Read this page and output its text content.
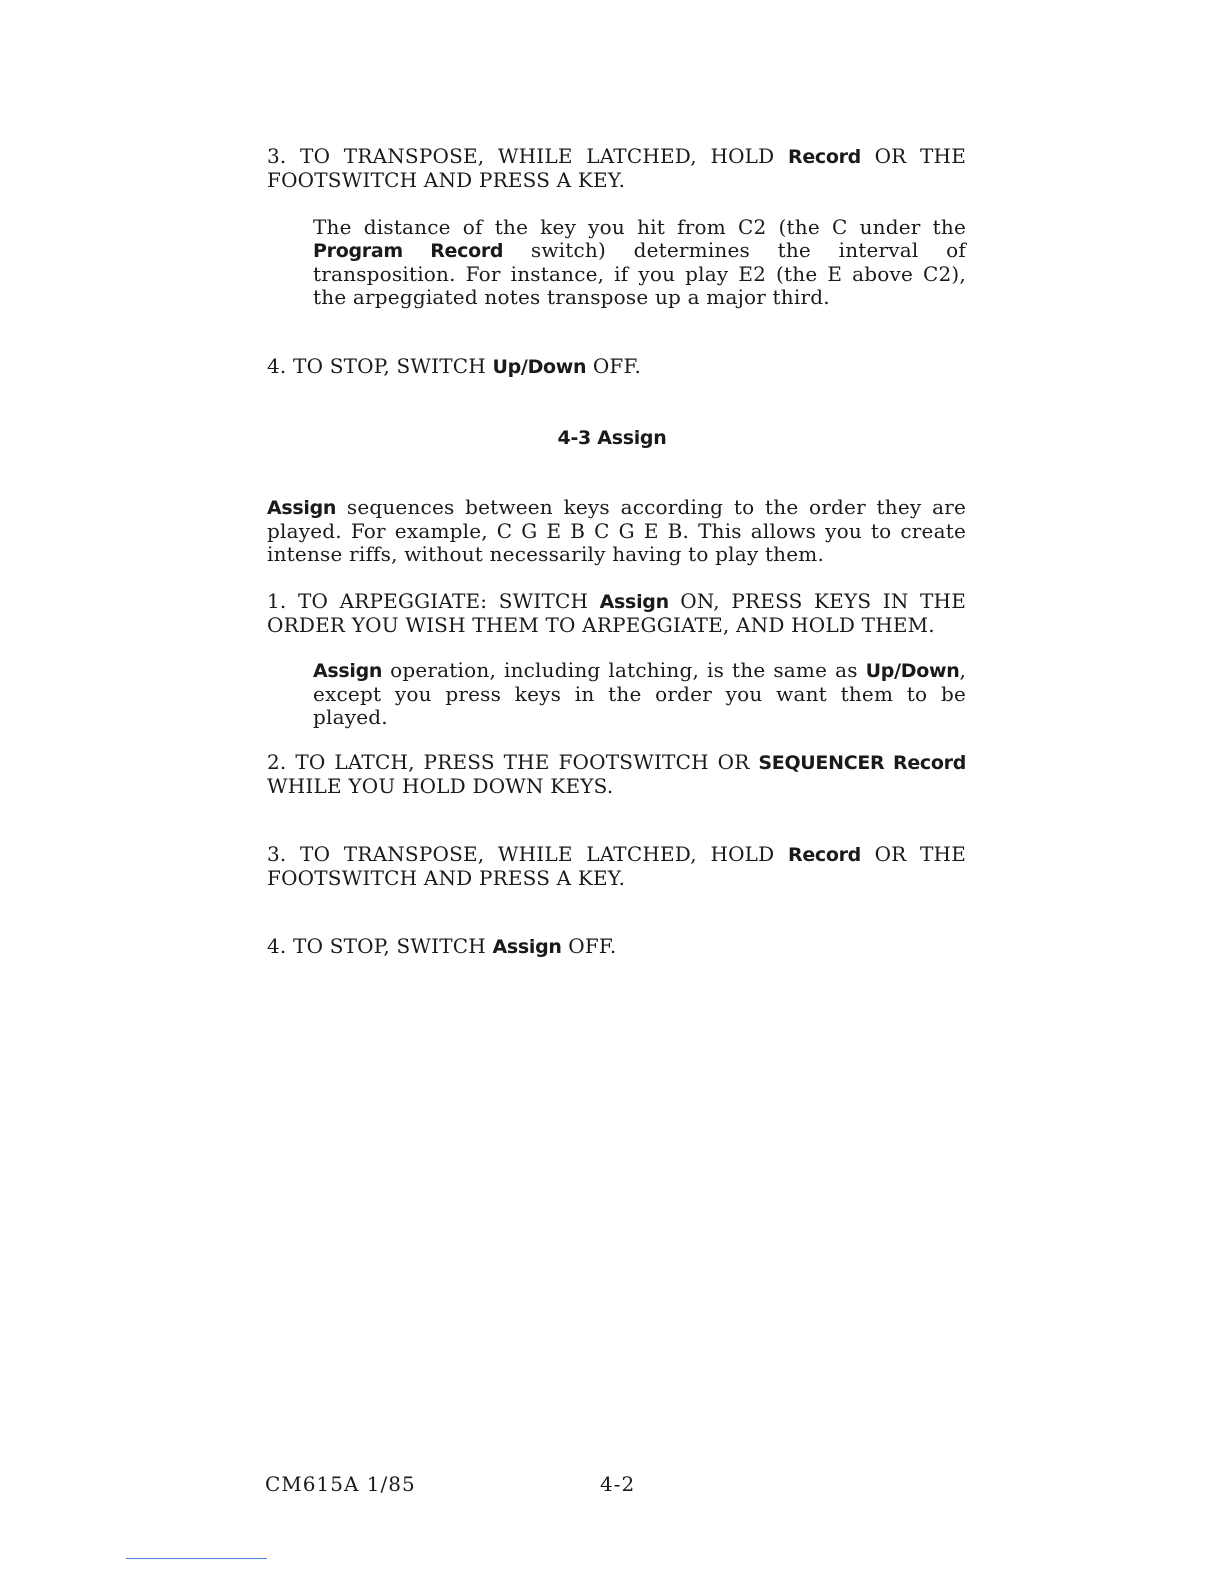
3. TO TRANSPOSE, WHILE LATCHED, HOLD Record OR THE FOOTSWITCH AND PRESS A KEY.

The distance of the key you hit from C2 (the C under the Program Record switch) determines the interval of transposition. For instance, if you play E2 (the E above C2), the arpeggiated notes transpose up a major third.

4. TO STOP, SWITCH Up/Down OFF.

4-3 Assign

Assign sequences between keys according to the order they are played. For example, C G E B C G E B. This allows you to create intense riffs, without necessarily having to play them.

1. TO ARPEGGIATE: SWITCH Assign ON, PRESS KEYS IN THE ORDER YOU WISH THEM TO ARPEGGIATE, AND HOLD THEM.

Assign operation, including latching, is the same as Up/Down, except you press keys in the order you want them to be played.

2. TO LATCH, PRESS THE FOOTSWITCH OR SEQUENCER Record WHILE YOU HOLD DOWN KEYS.

3. TO TRANSPOSE, WHILE LATCHED, HOLD Record OR THE FOOTSWITCH AND PRESS A KEY.

4. TO STOP, SWITCH Assign OFF.

CM615A 1/85	4-2
